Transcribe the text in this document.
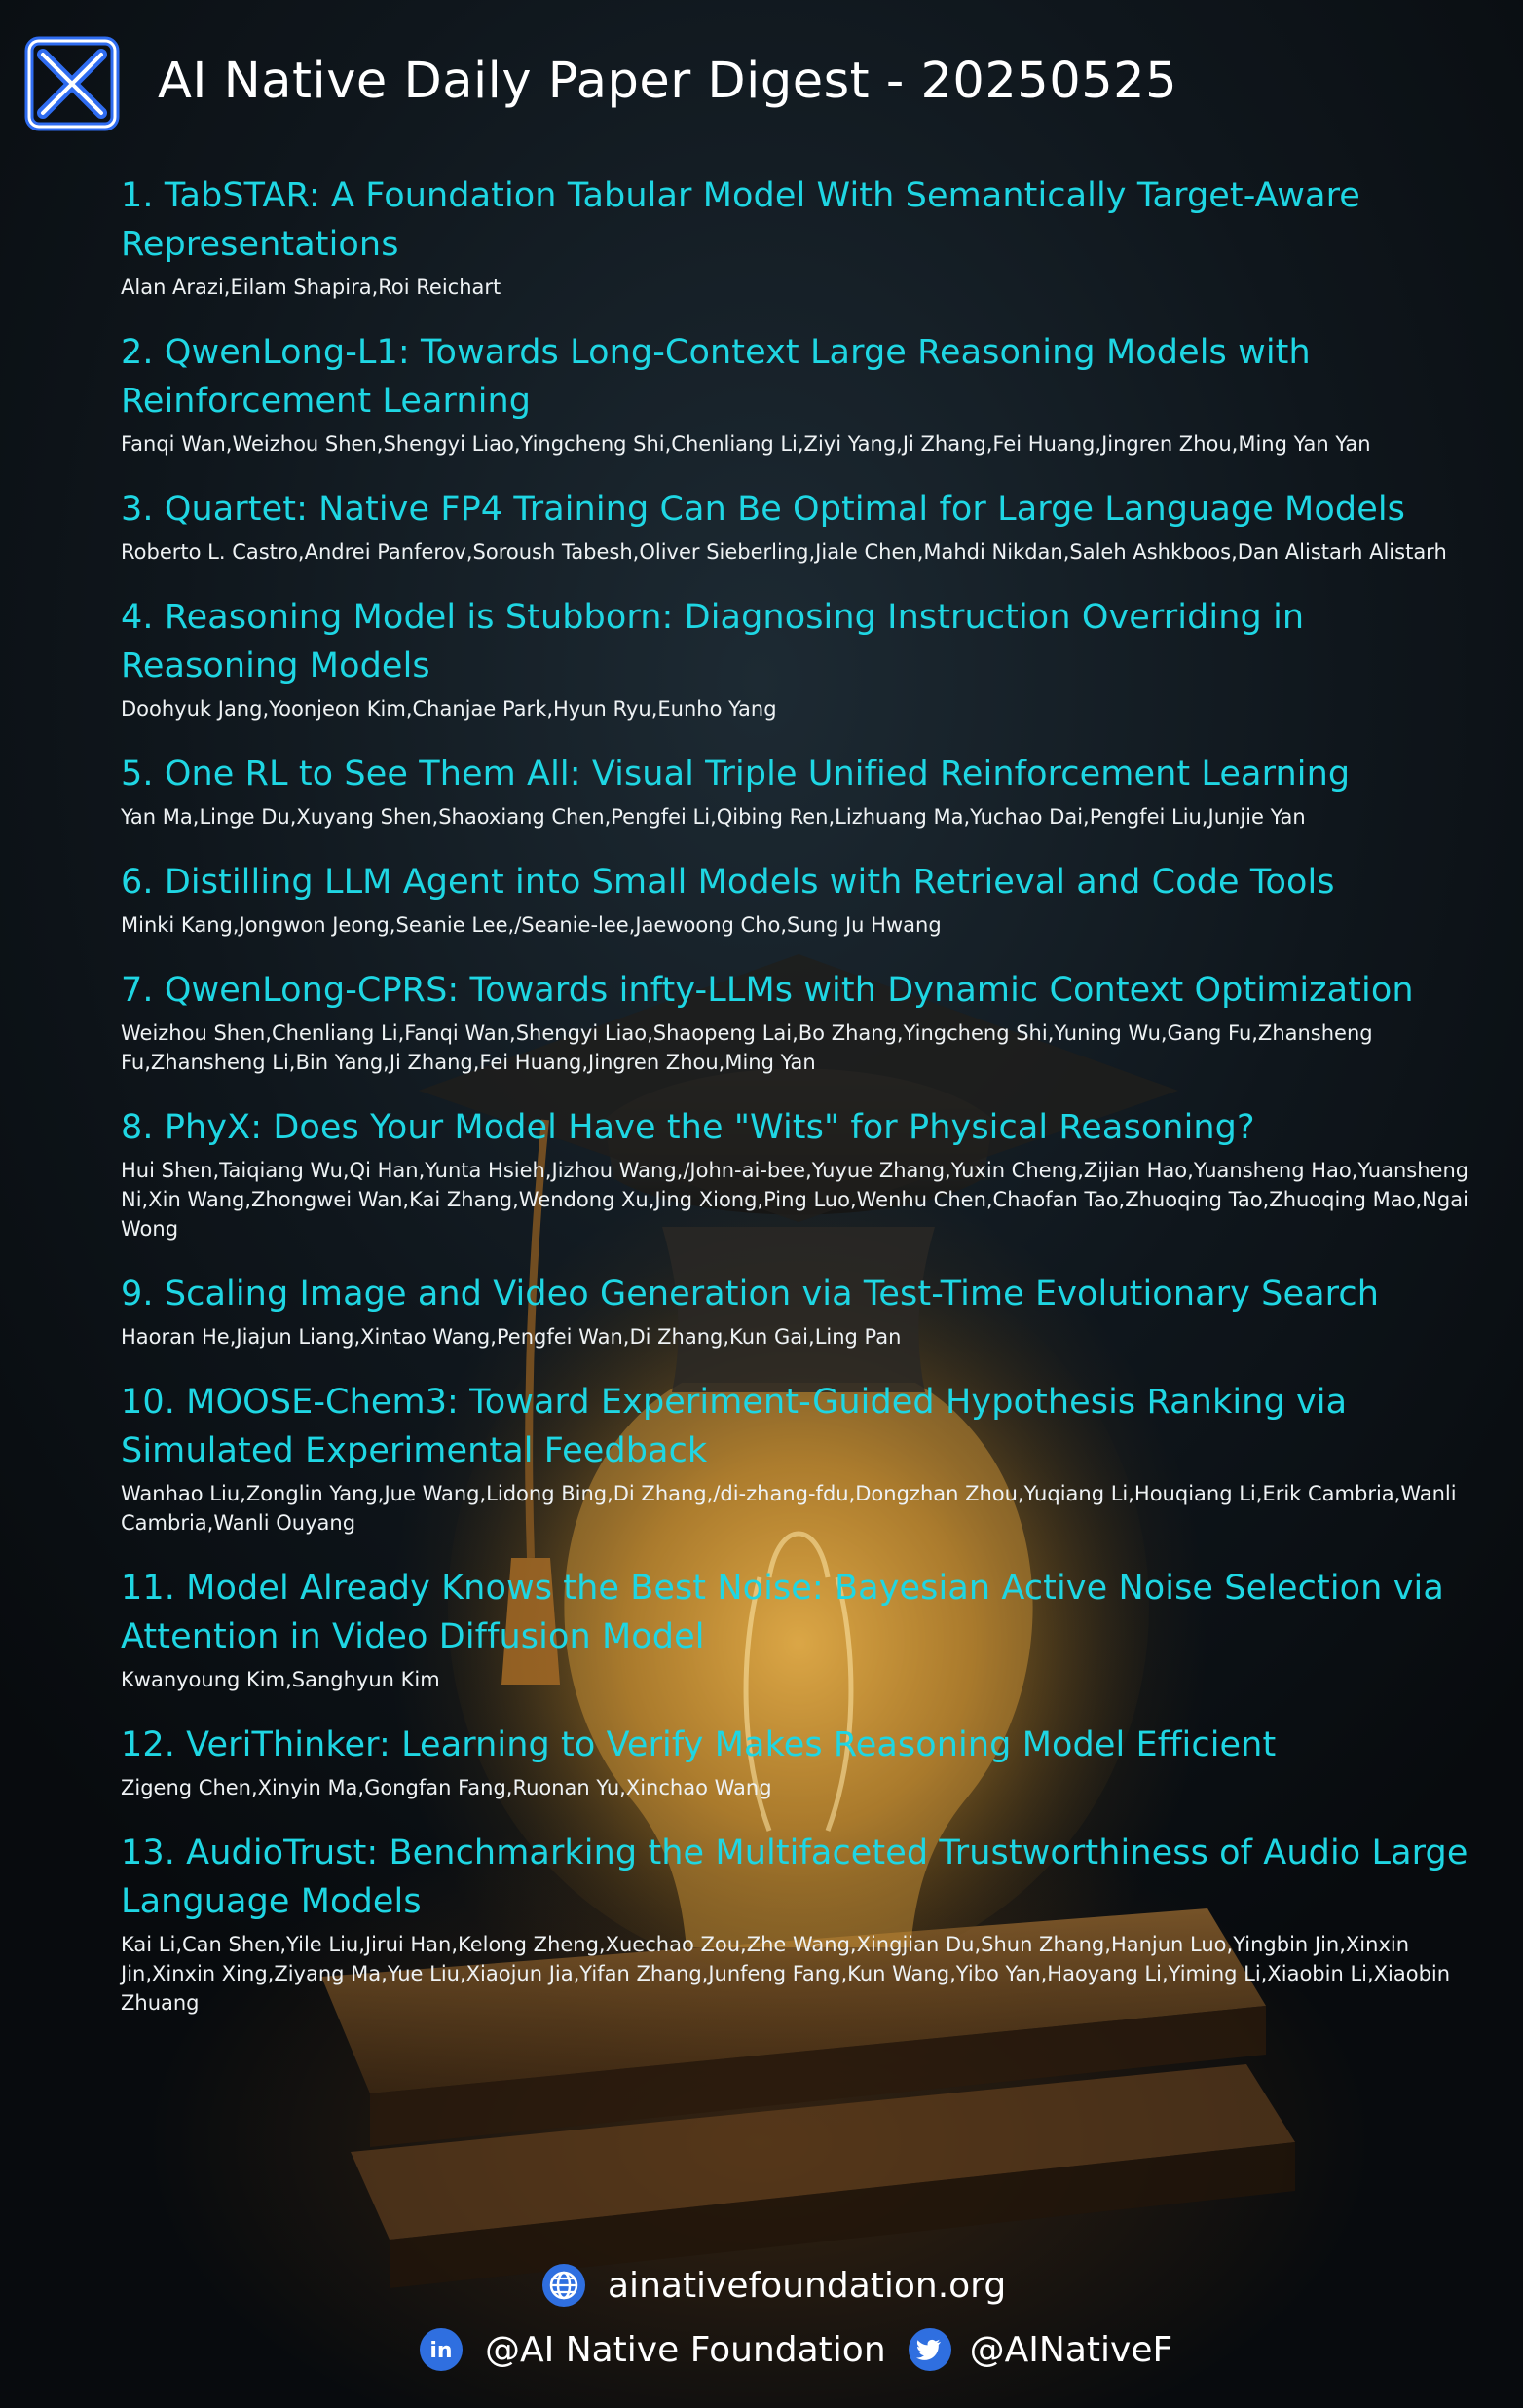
AI Native Daily Paper Digest - 20250525
1. TabSTAR: A Foundation Tabular Model With Semantically Target-Aware Representations
Alan Arazi,Eilam Shapira,Roi Reichart
2. QwenLong-L1: Towards Long-Context Large Reasoning Models with Reinforcement Learning
Fanqi Wan,Weizhou Shen,Shengyi Liao,Yingcheng Shi,Chenliang Li,Ziyi Yang,Ji Zhang,Fei Huang,Jingren Zhou,Ming Yan Yan
3. Quartet: Native FP4 Training Can Be Optimal for Large Language Models
Roberto L. Castro,Andrei Panferov,Soroush Tabesh,Oliver Sieberling,Jiale Chen,Mahdi Nikdan,Saleh Ashkboos,Dan Alistarh Alistarh
4. Reasoning Model is Stubborn: Diagnosing Instruction Overriding in Reasoning Models
Doohyuk Jang,Yoonjeon Kim,Chanjae Park,Hyun Ryu,Eunho Yang
5. One RL to See Them All: Visual Triple Unified Reinforcement Learning
Yan Ma,Linge Du,Xuyang Shen,Shaoxiang Chen,Pengfei Li,Qibing Ren,Lizhuang Ma,Yuchao Dai,Pengfei Liu,Junjie Yan
6. Distilling LLM Agent into Small Models with Retrieval and Code Tools
Minki Kang,Jongwon Jeong,Seanie Lee,/Seanie-lee,Jaewoong Cho,Sung Ju Hwang
7. QwenLong-CPRS: Towards infty-LLMs with Dynamic Context Optimization
Weizhou Shen,Chenliang Li,Fanqi Wan,Shengyi Liao,Shaopeng Lai,Bo Zhang,Yingcheng Shi,Yuning Wu,Gang Fu,Zhansheng Fu,Zhansheng Li,Bin Yang,Ji Zhang,Fei Huang,Jingren Zhou,Ming Yan
8. PhyX: Does Your Model Have the "Wits" for Physical Reasoning?
Hui Shen,Taiqiang Wu,Qi Han,Yunta Hsieh,Jizhou Wang,/John-ai-bee,Yuyue Zhang,Yuxin Cheng,Zijian Hao,Yuansheng Hao,Yuansheng Ni,Xin Wang,Zhongwei Wan,Kai Zhang,Wendong Xu,Jing Xiong,Ping Luo,Wenhu Chen,Chaofan Tao,Zhuoqing Tao,Zhuoqing Mao,Ngai Wong
9. Scaling Image and Video Generation via Test-Time Evolutionary Search
Haoran He,Jiajun Liang,Xintao Wang,Pengfei Wan,Di Zhang,Kun Gai,Ling Pan
10. MOOSE-Chem3: Toward Experiment-Guided Hypothesis Ranking via Simulated Experimental Feedback
Wanhao Liu,Zonglin Yang,Jue Wang,Lidong Bing,Di Zhang,/di-zhang-fdu,Dongzhan Zhou,Yuqiang Li,Houqiang Li,Erik Cambria,Wanli Cambria,Wanli Ouyang
11. Model Already Knows the Best Noise: Bayesian Active Noise Selection via Attention in Video Diffusion Model
Kwanyoung Kim,Sanghyun Kim
12. VeriThinker: Learning to Verify Makes Reasoning Model Efficient
Zigeng Chen,Xinyin Ma,Gongfan Fang,Ruonan Yu,Xinchao Wang
13. AudioTrust: Benchmarking the Multifaceted Trustworthiness of Audio Large Language Models
Kai Li,Can Shen,Yile Liu,Jirui Han,Kelong Zheng,Xuechao Zou,Zhe Wang,Xingjian Du,Shun Zhang,Hanjun Luo,Yingbin Jin,Xinxin Jin,Xinxin Xing,Ziyang Ma,Yue Liu,Xiaojun Jia,Yifan Zhang,Junfeng Fang,Kun Wang,Yibo Yan,Haoyang Li,Yiming Li,Xiaobin Li,Xiaobin Zhuang
ainativefoundation.org
in @AI Native Foundation @AINativeF
